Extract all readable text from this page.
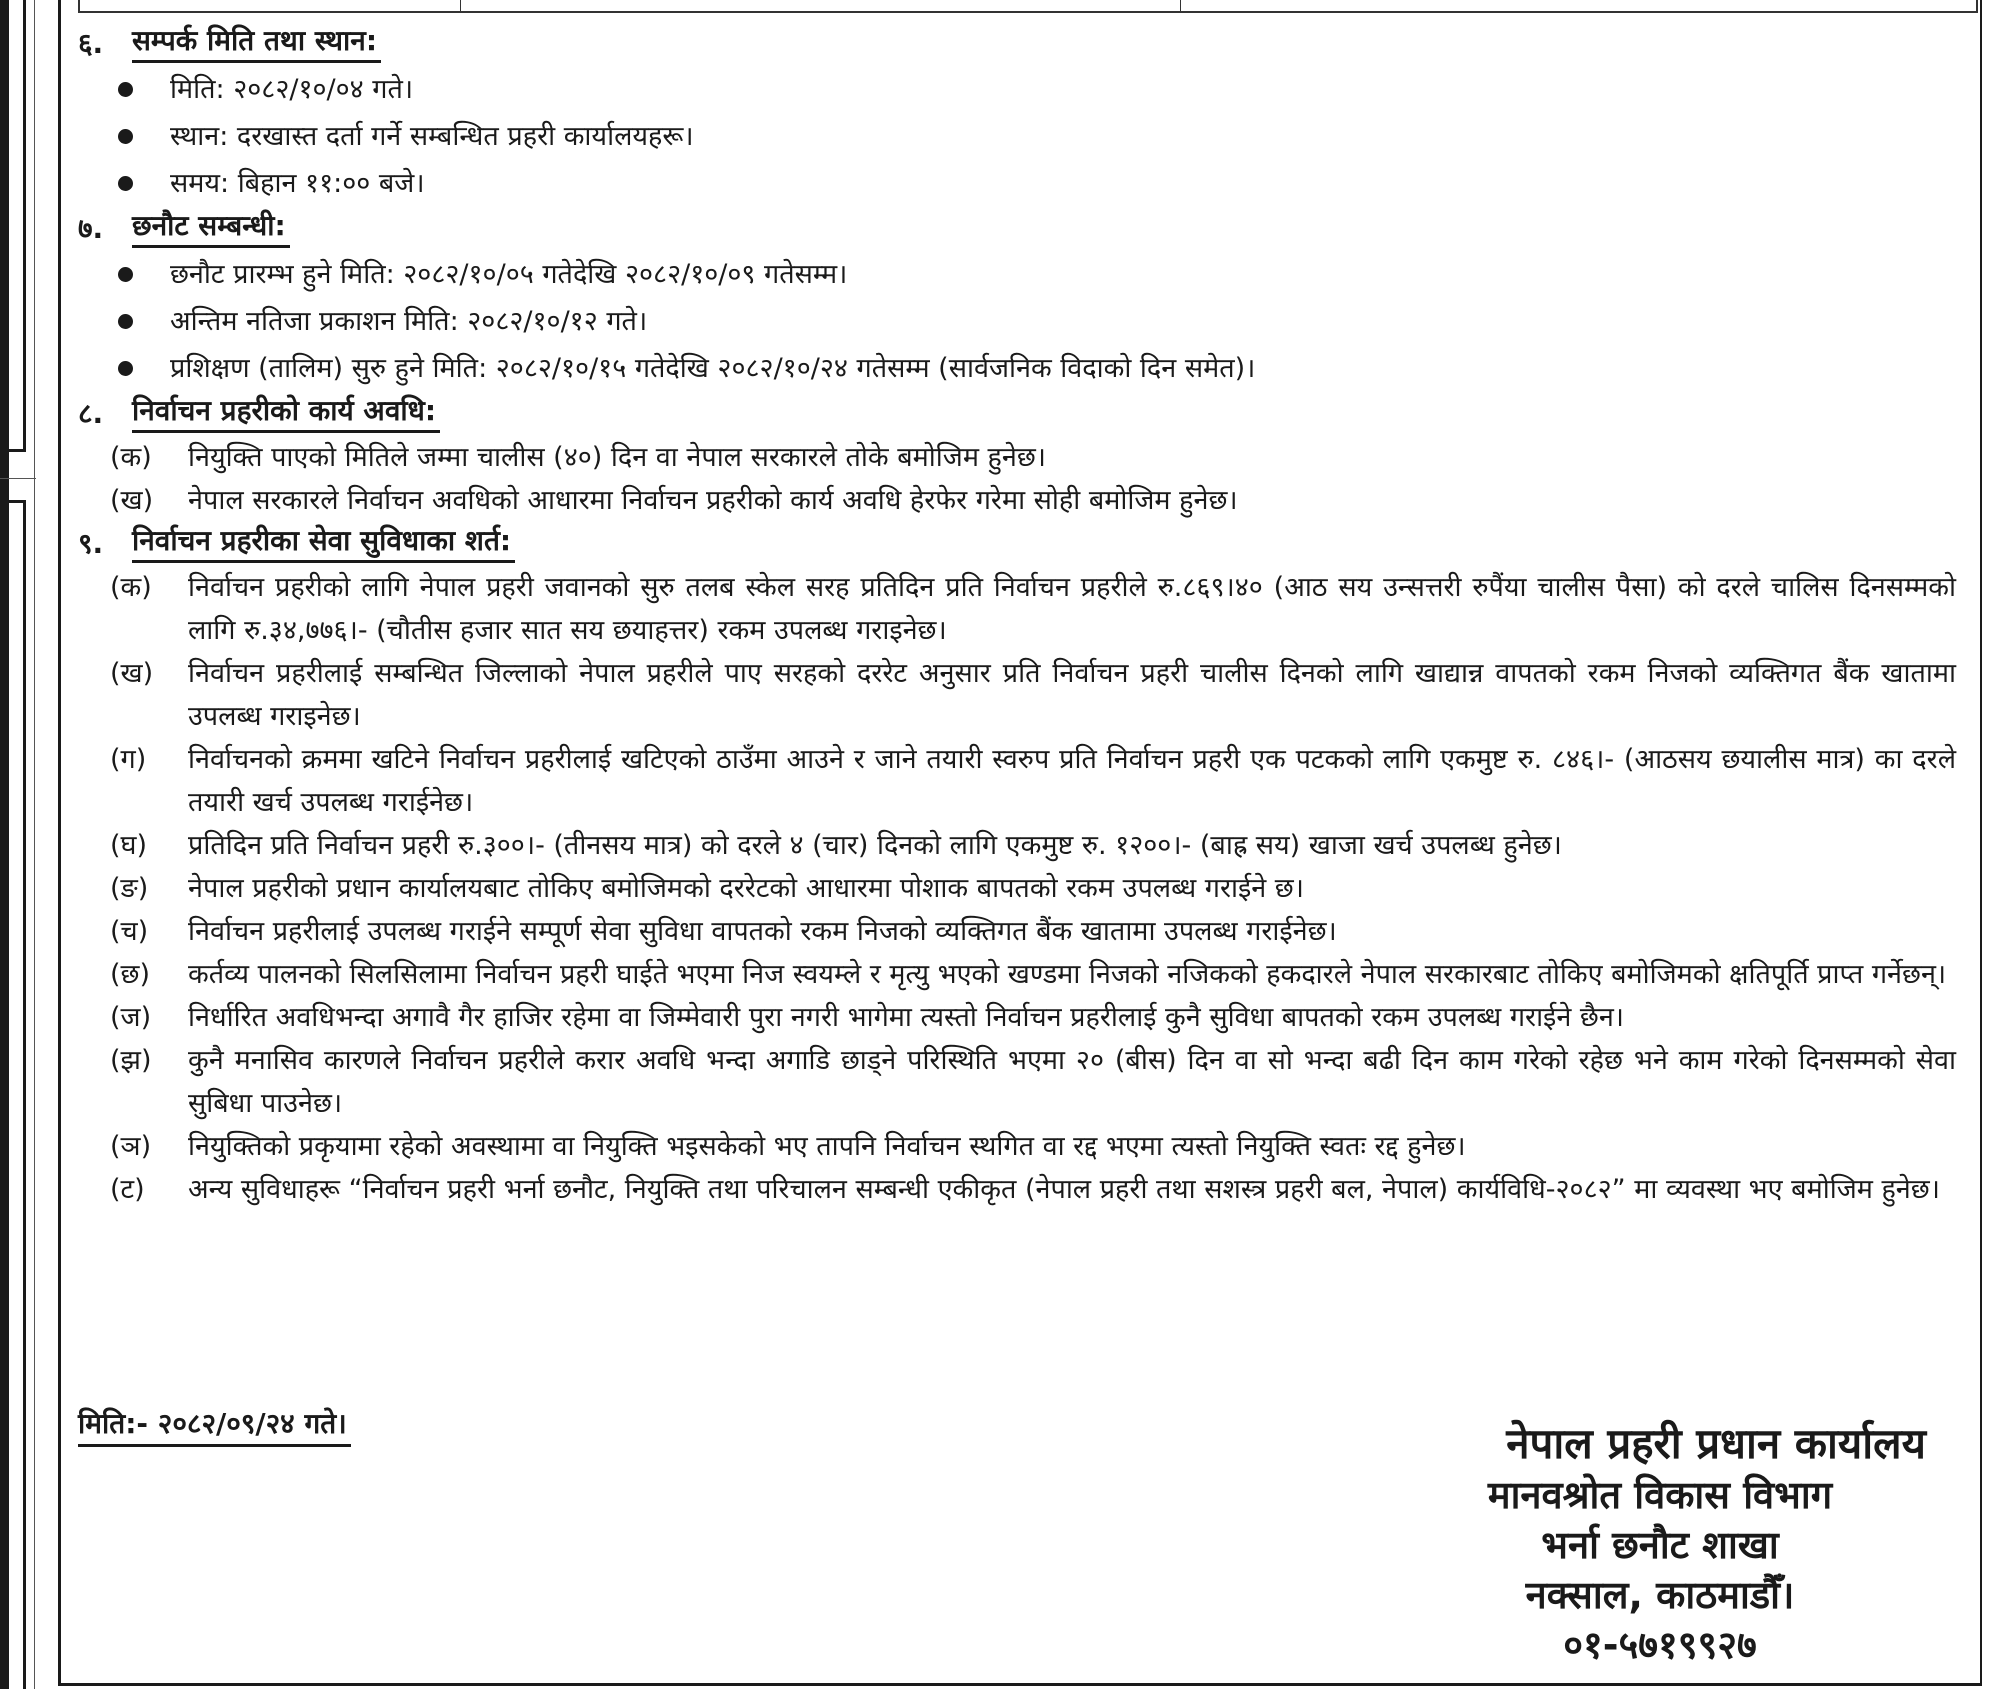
६.	सम्पर्क मिति तथा स्थान:
मिति: २०८२/१०/०४ गते।
स्थान: दरखास्त दर्ता गर्ने सम्बन्धित प्रहरी कार्यालयहरू।
समय: बिहान ११:०० बजे।
७.	छनौट सम्बन्धी:
छनौट प्रारम्भ हुने मिति: २०८२/१०/०५ गतेदेखि २०८२/१०/०९ गतेसम्म।
अन्तिम नतिजा प्रकाशन मिति: २०८२/१०/१२ गते।
प्रशिक्षण (तालिम) सुरु हुने मिति: २०८२/१०/१५ गतेदेखि २०८२/१०/२४ गतेसम्म (सार्वजनिक विदाको दिन समेत)।
८.	निर्वाचन प्रहरीको कार्य अवधि:
(क) नियुक्ति पाएको मितिले जम्मा चालीस (४०) दिन वा नेपाल सरकारले तोके बमोजिम हुनेछ।
(ख) नेपाल सरकारले निर्वाचन अवधिको आधारमा निर्वाचन प्रहरीको कार्य अवधि हेरफेर गरेमा सोही बमोजिम हुनेछ।
९.	निर्वाचन प्रहरीका सेवा सुविधाका शर्त:
(क) निर्वाचन प्रहरीको लागि नेपाल प्रहरी जवानको सुरु तलब स्केल सरह प्रतिदिन प्रति निर्वाचन प्रहरीले रु.८६९।४० (आठ सय उन्सत्तरी रुपैंया चालीस पैसा) को दरले चालिस दिनसम्मको लागि रु.३४,७७६।- (चौतीस हजार सात सय छयाहत्तर) रकम उपलब्ध गराइनेछ।
(ख) निर्वाचन प्रहरीलाई सम्बन्धित जिल्लाको नेपाल प्रहरीले पाए सरहको दररेट अनुसार प्रति निर्वाचन प्रहरी चालीस दिनको लागि खाद्यान्न वापतको रकम निजको व्यक्तिगत बैंक खातामा उपलब्ध गराइनेछ।
(ग) निर्वाचनको क्रममा खटिने निर्वाचन प्रहरीलाई खटिएको ठाउँमा आउने र जाने तयारी स्वरुप प्रति निर्वाचन प्रहरी एक पटकको लागि एकमुष्ट रु. ८४६।- (आठसय छयालीस मात्र) का दरले तयारी खर्च उपलब्ध गराईनेछ।
(घ) प्रतिदिन प्रति निर्वाचन प्रहरी रु.३००।- (तीनसय मात्र) को दरले ४ (चार) दिनको लागि एकमुष्ट रु. १२००।- (बाह्र सय) खाजा खर्च उपलब्ध हुनेछ।
(ङ) नेपाल प्रहरीको प्रधान कार्यालयबाट तोकिए बमोजिमको दररेटको आधारमा पोशाक बापतको रकम उपलब्ध गराईने छ।
(च) निर्वाचन प्रहरीलाई उपलब्ध गराईने सम्पूर्ण सेवा सुविधा वापतको रकम निजको व्यक्तिगत बैंक खातामा उपलब्ध गराईनेछ।
(छ) कर्तव्य पालनको सिलसिलामा निर्वाचन प्रहरी घाईते भएमा निज स्वयम्ले र मृत्यु भएको खण्डमा निजको नजिकको हकदारले नेपाल सरकारबाट तोकिए बमोजिमको क्षतिपूर्ति प्राप्त गर्नेछन्।
(ज) निर्धारित अवधिभन्दा अगावै गैर हाजिर रहेमा वा जिम्मेवारी पुरा नगरी भागेमा त्यस्तो निर्वाचन प्रहरीलाई कुनै सुविधा बापतको रकम उपलब्ध गराईने छैन।
(झ) कुनै मनासिव कारणले निर्वाचन प्रहरीले करार अवधि भन्दा अगाडि छाड्ने परिस्थिति भएमा २० (बीस) दिन वा सो भन्दा बढी दिन काम गरेको रहेछ भने काम गरेको दिनसम्मको सेवा सुबिधा पाउनेछ।
(ञ) नियुक्तिको प्रकृयामा रहेको अवस्थामा वा नियुक्ति भइसकेको भए तापनि निर्वाचन स्थगित वा रद्द भएमा त्यस्तो नियुक्ति स्वतः रद्द हुनेछ।
(ट) अन्य सुविधाहरू “निर्वाचन प्रहरी भर्ना छनौट, नियुक्ति तथा परिचालन सम्बन्धी एकीकृत (नेपाल प्रहरी तथा सशस्त्र प्रहरी बल, नेपाल) कार्यविधि-२०८२” मा व्यवस्था भए बमोजिम हुनेछ।
मिति:- २०८२/०९/२४ गते।	नेपाल प्रहरी प्रधान कार्यालय
मानवश्रोत विकास विभाग
भर्ना छनौट शाखा
नक्साल, काठमाडौँ।
०१-५७१९९२७
